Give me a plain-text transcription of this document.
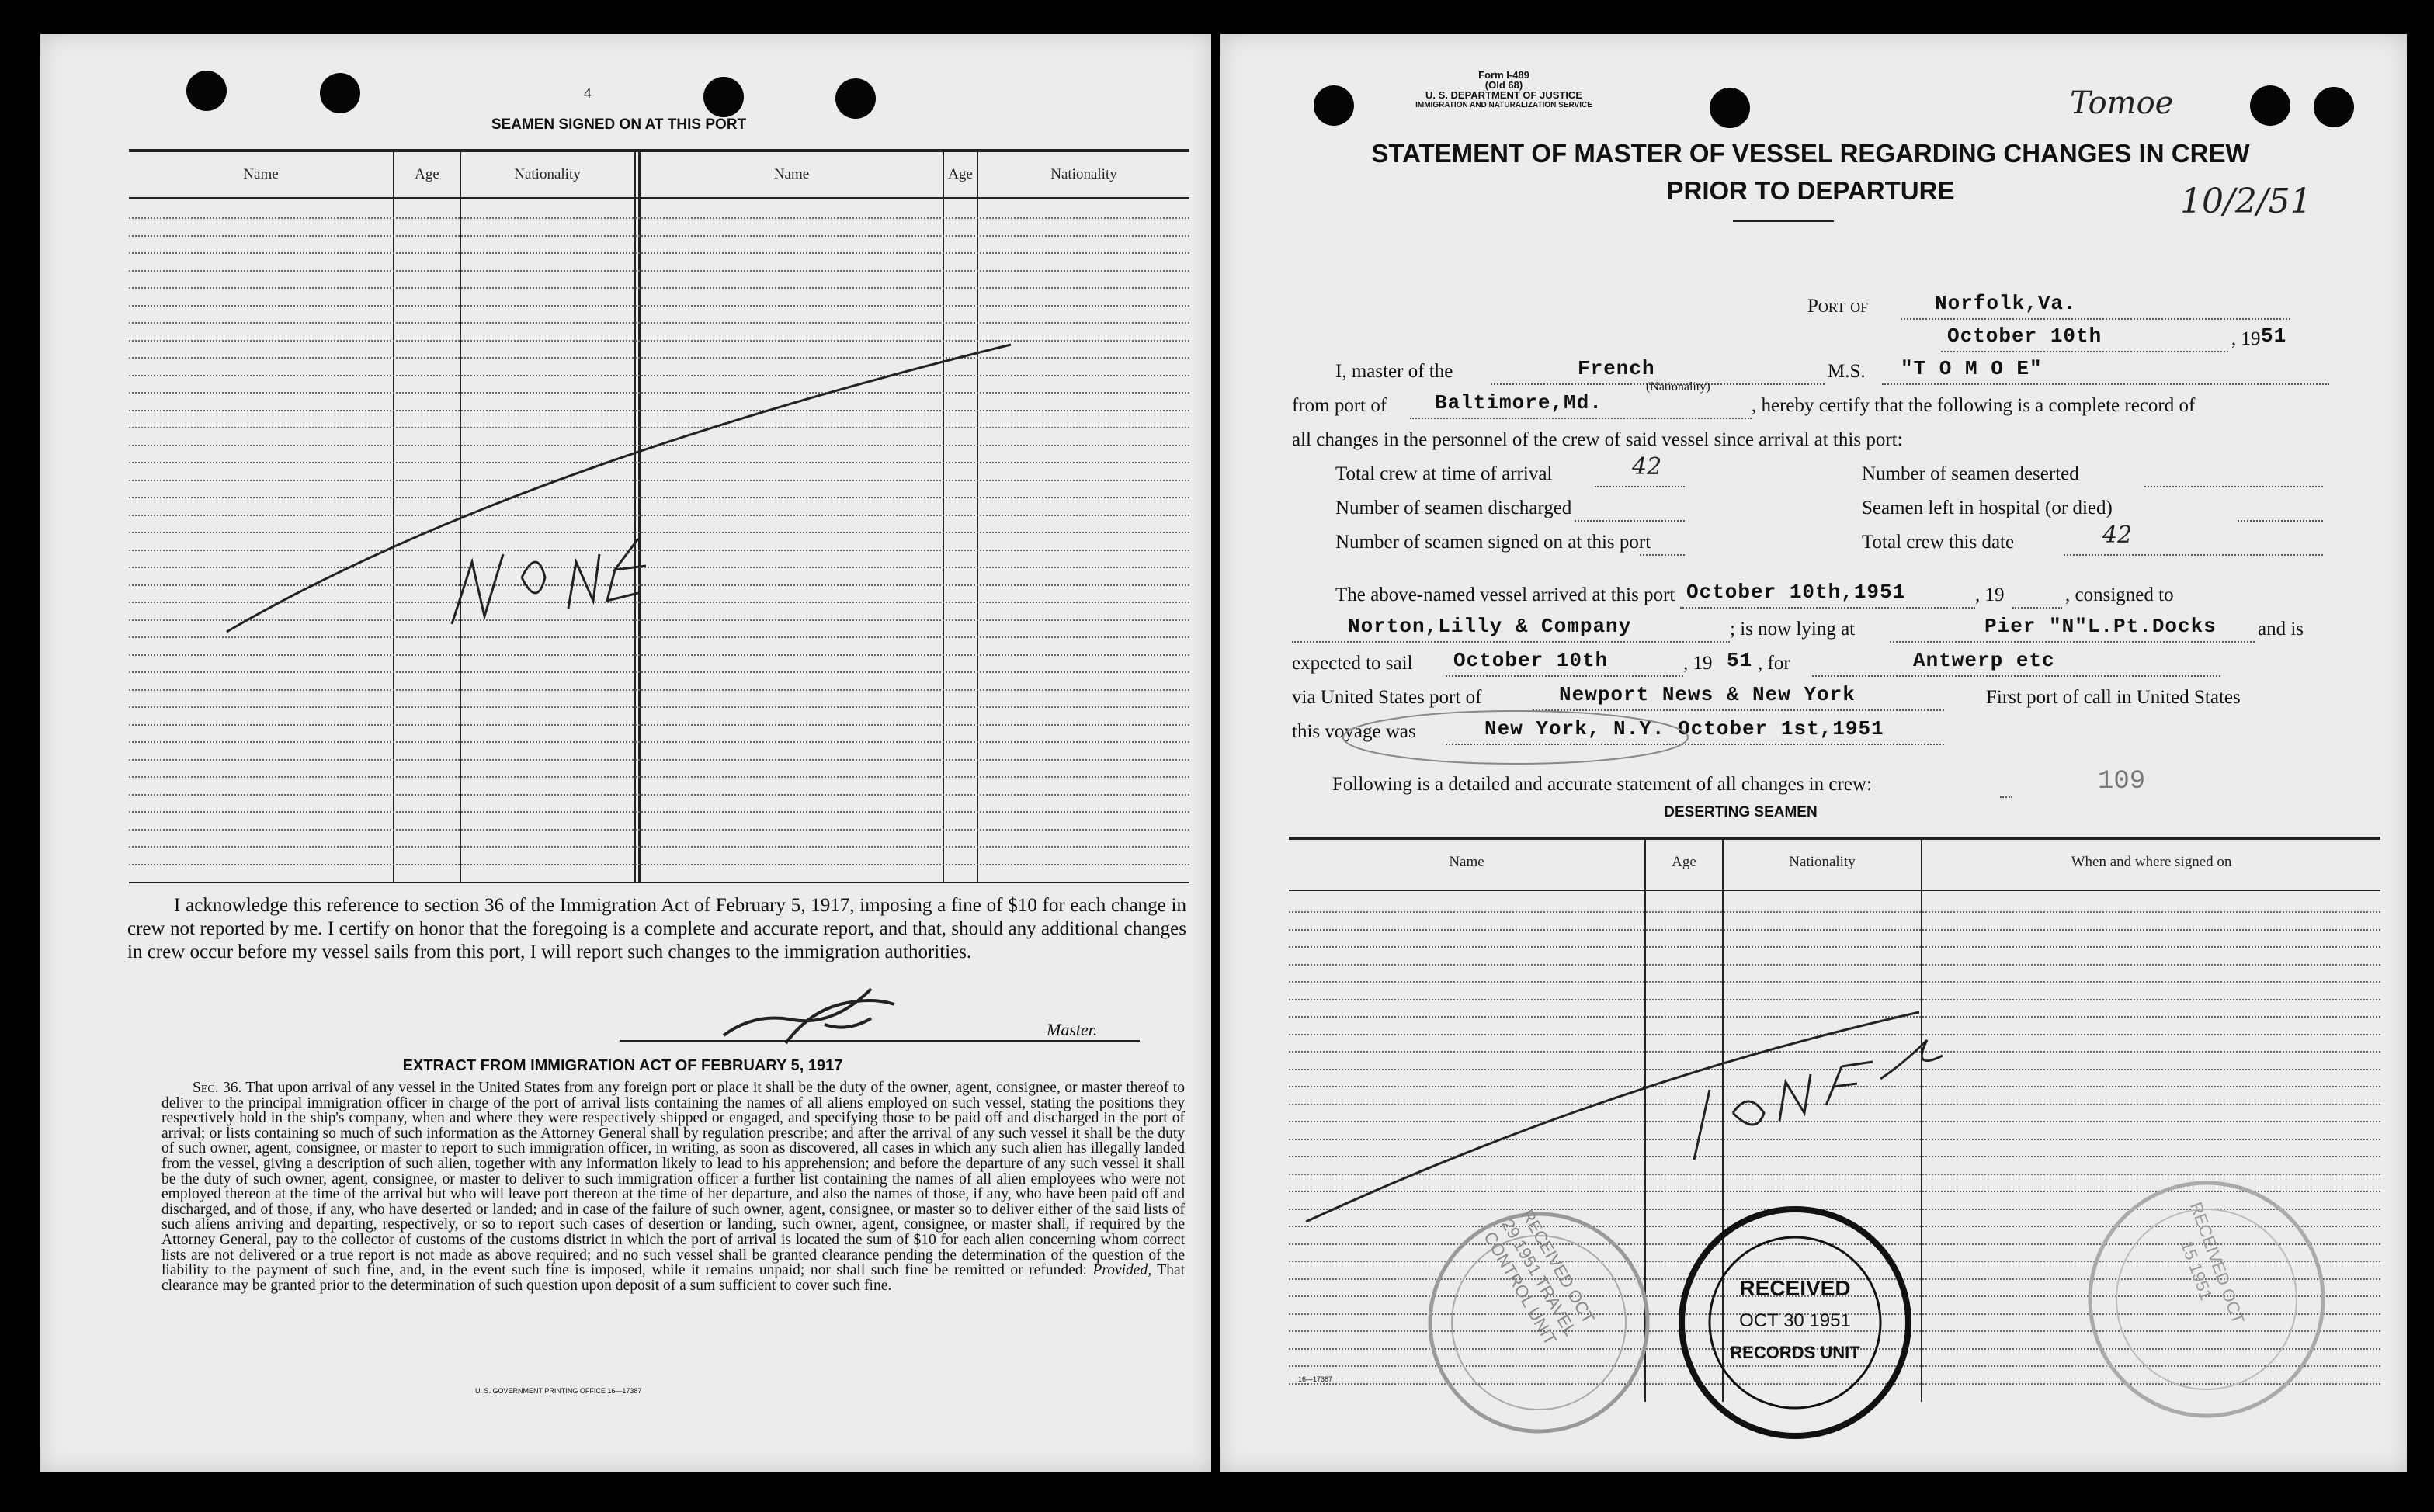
4
SEAMEN SIGNED ON AT THIS PORT
Name	Age	Nationality	Name	Age	Nationality
I acknowledge this reference to section 36 of the Immigration Act of February 5, 1917, imposing a fine of $10 for each change in crew not reported by me. I certify on honor that the foregoing is a complete and accurate report, and that, should any additional changes in crew occur before my vessel sails from this port, I will report such changes to the immigration authorities.
Master.
EXTRACT FROM IMMIGRATION ACT OF FEBRUARY 5, 1917
Sec. 36. That upon arrival of any vessel in the United States from any foreign port or place it shall be the duty of the owner, agent, consignee, or master thereof to deliver to the principal immigration officer in charge of the port of arrival lists containing the names of all aliens employed on such vessel, stating the positions they respectively hold in the ship's company, when and where they were respectively shipped or engaged, and specifying those to be paid off and discharged in the port of arrival; or lists containing so much of such information as the Attorney General shall by regulation prescribe; and after the arrival of any such vessel it shall be the duty of such owner, agent, consignee, or master to report to such immigration officer, in writing, as soon as discovered, all cases in which any such alien has illegally landed from the vessel, giving a description of such alien, together with any information likely to lead to his apprehension; and before the departure of any such vessel it shall be the duty of such owner, agent, consignee, or master to deliver to such immigration officer a further list containing the names of all alien employees who were not employed thereon at the time of the arrival but who will leave port thereon at the time of her departure, and also the names of those, if any, who have been paid off and discharged, and of those, if any, who have deserted or landed; and in case of the failure of such owner, agent, consignee, or master so to deliver either of the said lists of such aliens arriving and departing, respectively, or so to report such cases of desertion or landing, such owner, agent, consignee, or master shall, if required by the Attorney General, pay to the collector of customs of the customs district in which the port of arrival is located the sum of $10 for each alien concerning whom correct lists are not delivered or a true report is not made as above required; and no such vessel shall be granted clearance pending the determination of the question of the liability to the payment of such fine, and, in the event such fine is imposed, while it remains unpaid; nor shall such fine be remitted or refunded: Provided, That clearance may be granted prior to the determination of such question upon deposit of a sum sufficient to cover such fine.
U. S. GOVERNMENT PRINTING OFFICE 16—17387
Form I-489
(Old 68)
U. S. DEPARTMENT OF JUSTICE
IMMIGRATION AND NATURALIZATION SERVICE
STATEMENT OF MASTER OF VESSEL REGARDING CHANGES IN CREW
PRIOR TO DEPARTURE
Tomoe
10/2/51
Port of	Norfolk,Va.
October 10th	, 19 51
I, master of the	French
(Nationality)
M.S. "T O M O E"
from port of Baltimore,Md.	, hereby certify that the following is a complete record of
all changes in the personnel of the crew of said vessel since arrival at this port:
Total crew at time of arrival	42	Number of seamen deserted
Number of seamen discharged	Seamen left in hospital (or died)
Number of seamen signed on at this port	Total crew this date	42
The above-named vessel arrived at this port October 10th,1951	, 19	, consigned to
Norton,Lilly & Company	; is now lying at	Pier "N"L.Pt.Docks and is
expected to sail October 10th	, 19 51 , for	Antwerp etc
via United States port of	Newport News & New York	First port of call in United States
this voyage was	New York, N.Y. October 1st,1951
Following is a detailed and accurate statement of all changes in crew:	109
DESERTING SEAMEN
Name	Age	Nationality	When and where signed on
RECEIVED OCT 29 1951 TRAVEL CONTROL UNIT	RECEIVED
OCT 30 1951
RECORDS UNIT
RECEIVED OCT 15 1951
16—17387
